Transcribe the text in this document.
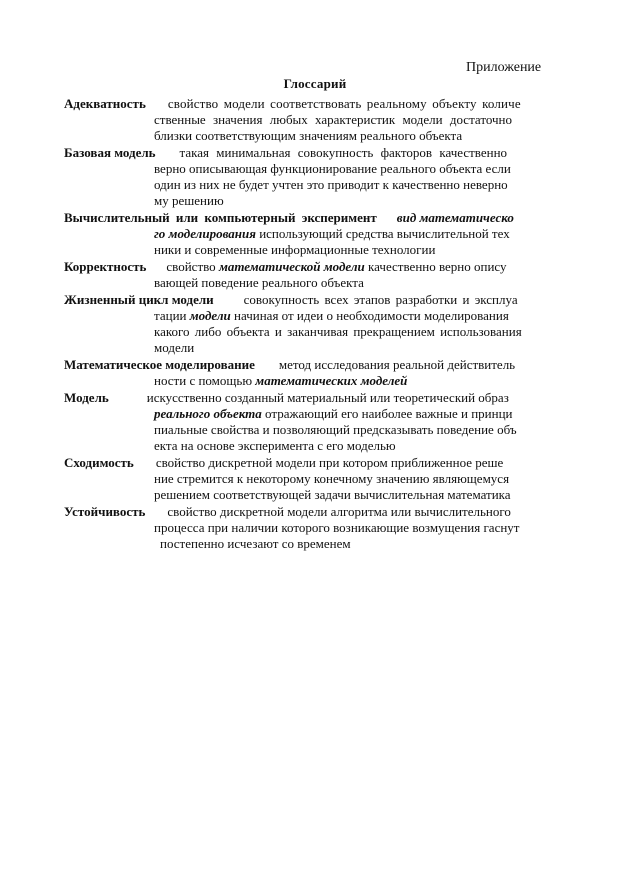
Приложение
Глоссарий
Адекватность свойство модели соответствовать реальному объекту количе
ственные значения любых характеристик модели достаточно
близки соответствующим значениям реального объекта
Базовая модель такая минимальная совокупность факторов качественно
верно описывающая функционирование реального объекта если
один из них не будет учтен это приводит к качественно неверно
му решению
Вычислительный или компьютерный эксперимент вид математическо
го моделирования использующий средства вычислительной тех
ники и современные информационные технологии
Корректность свойство математической модели качественно верно опису
вающей поведение реального объекта
Жизненный цикл модели совокупность всех этапов разработки и эксплуа
тации модели начиная от идеи о необходимости моделирования
какого либо объекта и заканчивая прекращением использования
модели
Математическое моделирование метод исследования реальной действитель
ности с помощью математических моделей
Модель	искусственно созданный материальный или теоретический образ
реального объекта отражающий его наиболее важные и принци
пиальные свойства и позволяющий предсказывать поведение объ
екта на основе эксперимента с его моделью
Сходимость свойство дискретной модели при котором приближенное реше
ние стремится к некоторому конечному значению являющемуся
решением соответствующей задачи вычислительная математика
Устойчивость свойство дискретной модели алгоритма или вычислительного
процесса при наличии которого возникающие возмущения гаснут
постепенно исчезают со временем
